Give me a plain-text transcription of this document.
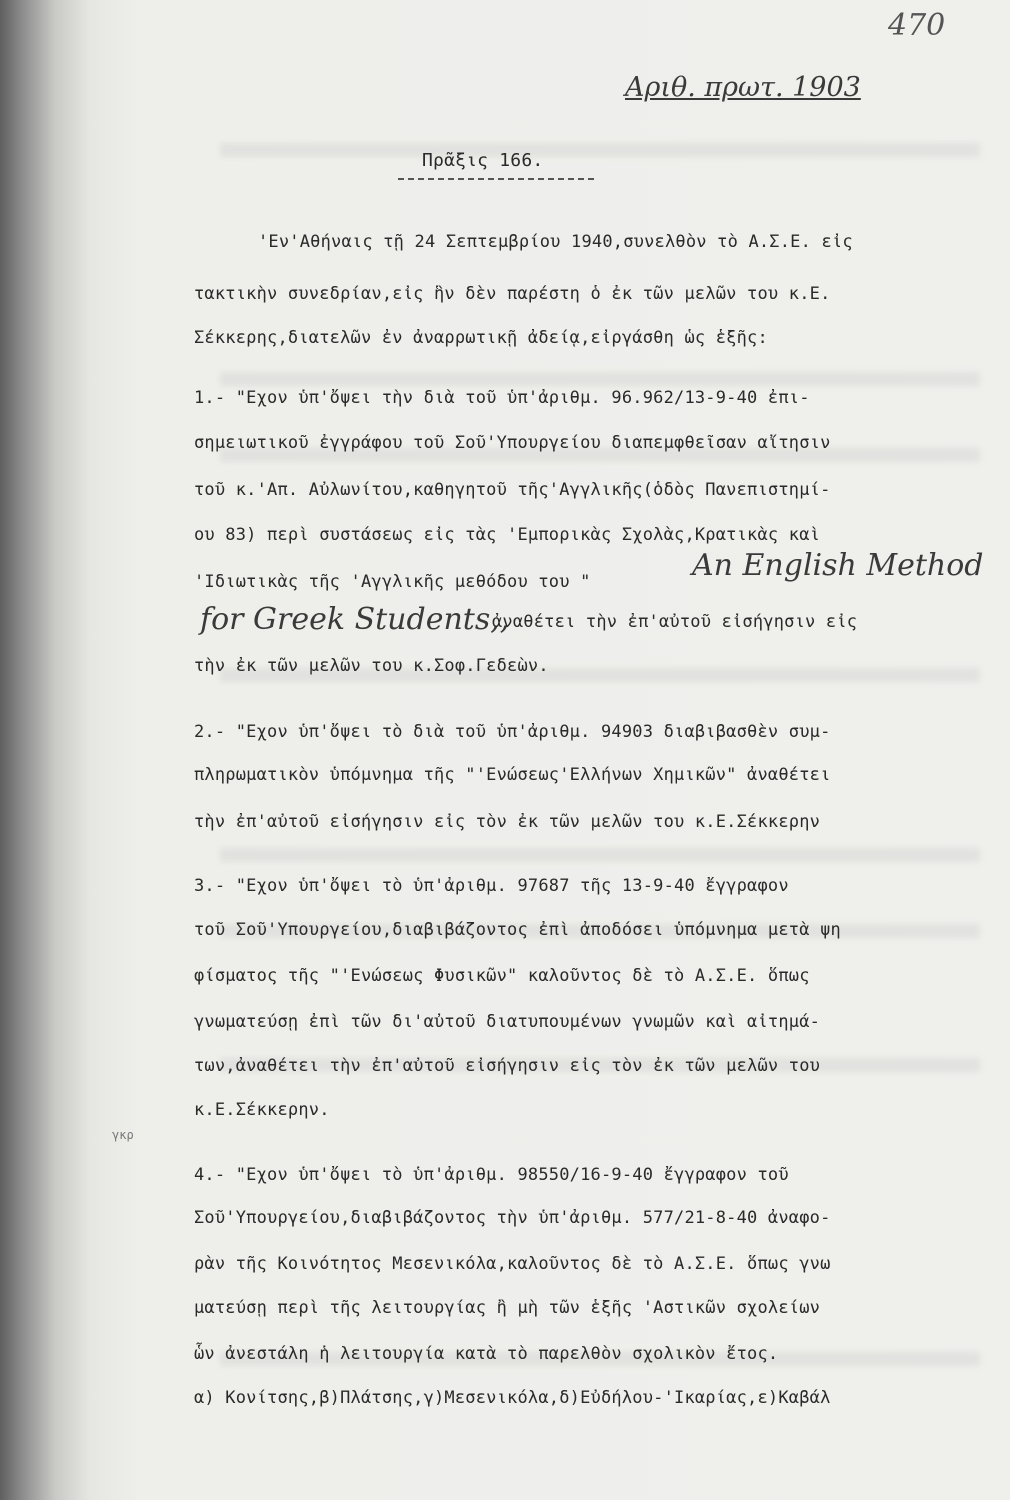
470
Αριθ. πρωτ. 1903
Πρᾶξις 166.
'Εν'Αθήναις τῇ 24 Σεπτεμβρίου 1940,συνελθὸν τὸ Α.Σ.Ε. εἰς
τακτικὴν συνεδρίαν,εἰς ἣν δὲν παρέστη ὁ ἐκ τῶν μελῶν του κ.Ε.
Σέκκερης,διατελῶν ἐν ἀναρρωτικῇ ἀδείᾳ,εἰργάσθη ὡς ἑξῆς:
1.- "Εχον ὑπ'ὄψει τὴν διὰ τοῦ ὑπ'ἀριθμ. 96.962/13-9-40 ἐπι-
σημειωτικοῦ ἐγγράφου τοῦ Σοῦ'Υπουργείου διαπεμφθεῖσαν αἴτησιν
τοῦ κ.'Απ. Αὐλωνίτου,καθηγητοῦ τῆς'Αγγλικῆς(ὁδὸς Πανεπιστημί-
ου 83) περὶ συστάσεως εἰς τὰς 'Εμπορικὰς Σχολὰς,Κρατικὰς καὶ
'Ιδιωτικὰς τῆς 'Αγγλικῆς μεθόδου του "	An English Method
for Greek Students,,
ἀναθέτει τὴν ἐπ'αὐτοῦ εἰσήγησιν εἰς
τὴν ἐκ τῶν μελῶν του κ.Σοφ.Γεδεὼν.
2.- "Εχον ὑπ'ὄψει τὸ διὰ τοῦ ὑπ'ἀριθμ. 94903 διαβιβασθὲν συμ-
πληρωματικὸν ὑπόμνημα τῆς "'Ενώσεως'Ελλήνων Χημικῶν" ἀναθέτει
τὴν ἐπ'αὐτοῦ εἰσήγησιν εἰς τὸν ἐκ τῶν μελῶν του κ.Ε.Σέκκερην
3.- "Εχον ὑπ'ὄψει τὸ ὑπ'ἀριθμ. 97687 τῆς 13-9-40 ἔγγραφον
τοῦ Σοῦ'Υπουργείου,διαβιβάζοντος ἐπὶ ἀποδόσει ὑπόμνημα μετὰ ψη
φίσματος τῆς "'Ενώσεως Φυσικῶν" καλοῦντος δὲ τὸ Α.Σ.Ε. ὅπως
γνωματεύσῃ ἐπὶ τῶν δι'αὐτοῦ διατυπουμένων γνωμῶν καὶ αἰτημά-
των,ἀναθέτει τὴν ἐπ'αὐτοῦ εἰσήγησιν εἰς τὸν ἐκ τῶν μελῶν του
κ.Ε.Σέκκερην.
4.- "Εχον ὑπ'ὄψει τὸ ὑπ'ἀριθμ. 98550/16-9-40 ἔγγραφον τοῦ
Σοῦ'Υπουργείου,διαβιβάζοντος τὴν ὑπ'ἀριθμ. 577/21-8-40 ἀναφο-
ρὰν τῆς Κοινότητος Μεσενικόλα,καλοῦντος δὲ τὸ Α.Σ.Ε. ὅπως γνω
ματεύσῃ περὶ τῆς λειτουργίας ἢ μὴ τῶν ἑξῆς 'Αστικῶν σχολείων
ὧν ἀνεστάλη ἡ λειτουργία κατὰ τὸ παρελθὸν σχολικὸν ἔτος.
α) Κονίτσης,β)Πλάτσης,γ)Μεσενικόλα,δ)Εὐδήλου-'Ικαρίας,ε)Καβάλ
γκρ
